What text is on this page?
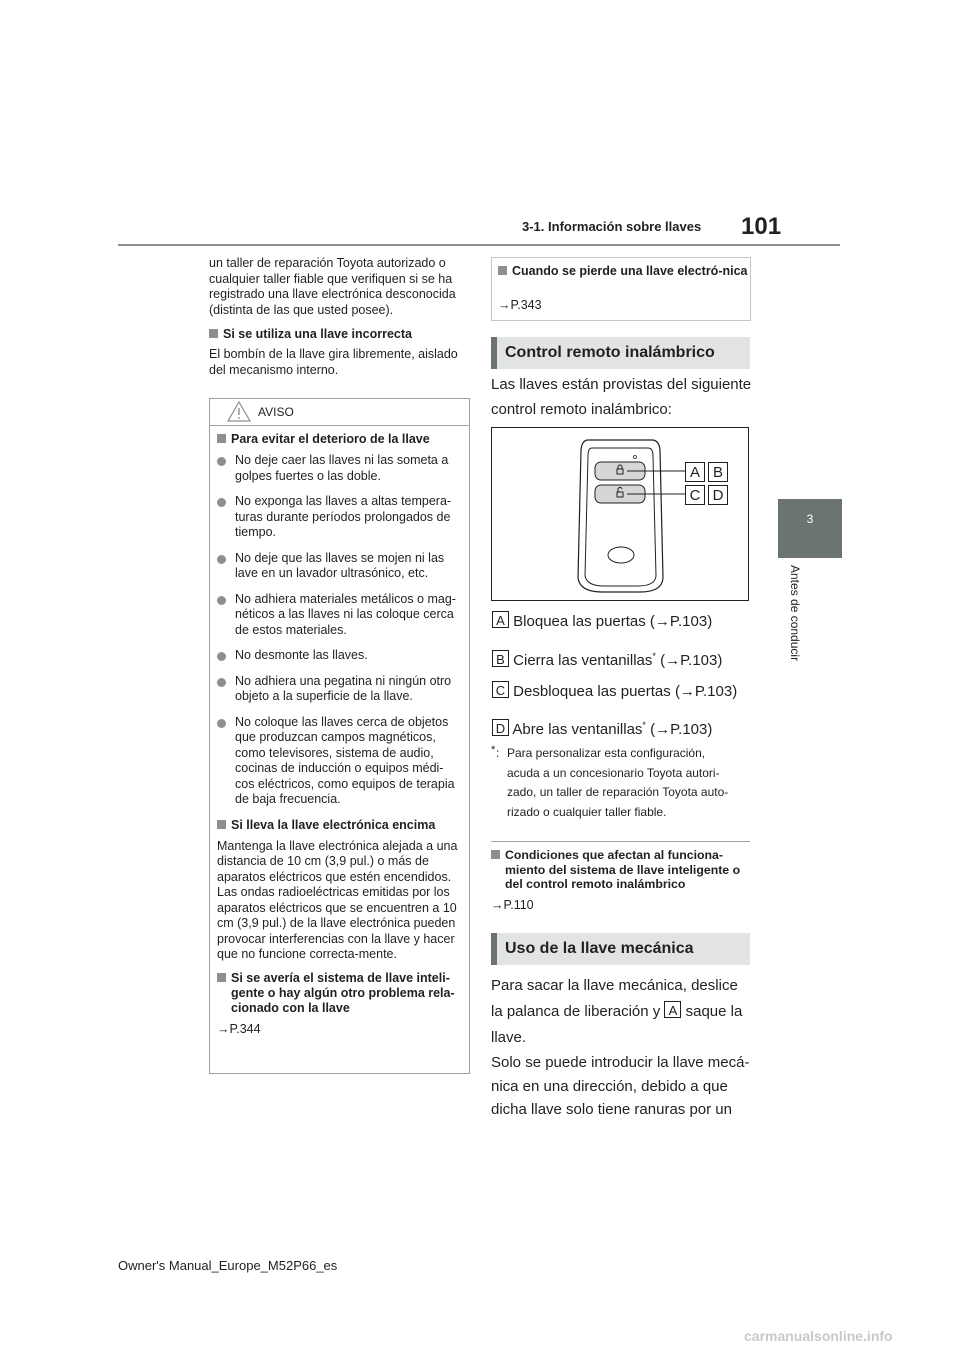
3-1. Información sobre llaves 101
3
Antes de conducir
un taller de reparación Toyota autorizado o cualquier taller fiable que verifiquen si se ha registrado una llave electrónica desconocida (distinta de las que usted posee).
Si se utiliza una llave incorrecta
El bombín de la llave gira libremente, aislado del mecanismo interno.
AVISO
Para evitar el deterioro de la llave
No deje caer las llaves ni las someta a golpes fuertes o las doble.
No exponga las llaves a altas tempera-turas durante períodos prolongados de tiempo.
No deje que las llaves se mojen ni las lave en un lavador ultrasónico, etc.
No adhiera materiales metálicos o mag-néticos a las llaves ni las coloque cerca de estos materiales.
No desmonte las llaves.
No adhiera una pegatina ni ningún otro objeto a la superficie de la llave.
No coloque las llaves cerca de objetos que produzcan campos magnéticos, como televisores, sistema de audio, cocinas de inducción o equipos médi-cos eléctricos, como equipos de terapia de baja frecuencia.
Si lleva la llave electrónica encima
Mantenga la llave electrónica alejada a una distancia de 10 cm (3,9 pul.) o más de aparatos eléctricos que estén encendidos. Las ondas radioeléctricas emitidas por los aparatos eléctricos que se encuentren a 10 cm (3,9 pul.) de la llave electrónica pueden provocar interferencias con la llave y hacer que no funcione correcta-mente.
Si se avería el sistema de llave inteli-gente o hay algún otro problema rela-cionado con la llave
→P.344
Cuando se pierde una llave electró-nica
→P.343
Control remoto inalámbrico
Las llaves están provistas del siguiente control remoto inalámbrico:
A B
C D
A Bloquea las puertas (→P.103)
B Cierra las ventanillas* (→P.103)
C Desbloquea las puertas (→P.103)
D Abre las ventanillas* (→P.103)
* : Para personalizar esta configuración, acuda a un concesionario Toyota autori-zado, un taller de reparación Toyota auto-rizado o cualquier taller fiable.
Condiciones que afectan al funciona-miento del sistema de llave inteligente o del control remoto inalámbrico
→P.110
Uso de la llave mecánica
Para sacar la llave mecánica, deslice la palanca de liberación y A saque la llave.
Solo se puede introducir la llave mecá-nica en una dirección, debido a que dicha llave solo tiene ranuras por un
Owner's Manual_Europe_M52P66_es
carmanualsonline.info
